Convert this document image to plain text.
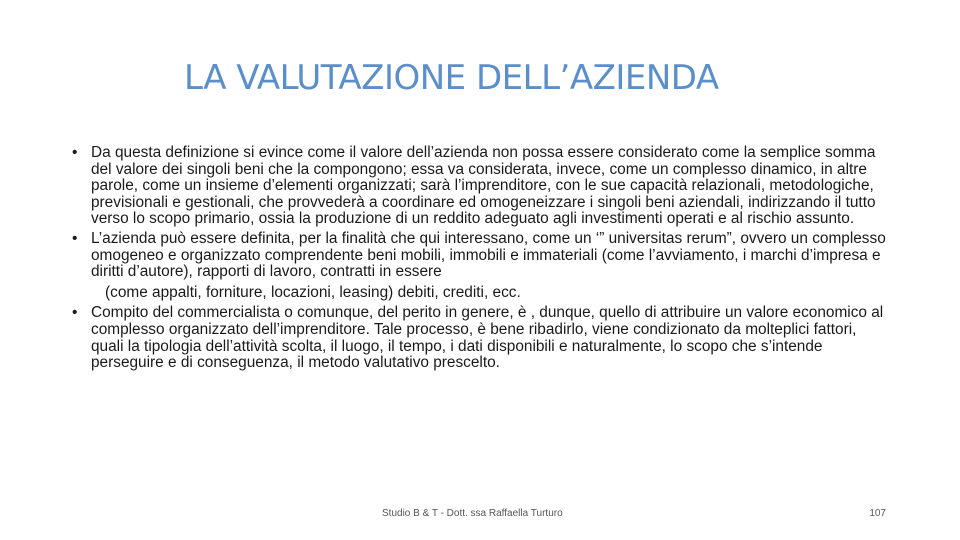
LA VALUTAZIONE DELL’AZIENDA

• Da questa definizione si evince come il valore dell’azienda non possa essere considerato come la semplice somma del valore dei singoli beni che la compongono; essa va considerata, invece, come un complesso dinamico, in altre parole, come un insieme d’elementi organizzati; sarà l’imprenditore, con le sue capacità relazionali, metodologiche, previsionali e gestionali, che provvederà a coordinare ed omogeneizzare i singoli beni aziendali, indirizzando il tutto verso lo scopo primario, ossia la produzione di un reddito adeguato agli investimenti operati e al rischio assunto.

• L’azienda può essere definita, per la finalità che qui interessano, come un ‘” universitas rerum”, ovvero un complesso omogeneo e organizzato comprendente beni mobili, immobili e immateriali (come l’avviamento, i marchi d’impresa e diritti d’autore), rapporti di lavoro, contratti in essere

(come appalti, forniture, locazioni, leasing) debiti, crediti, ecc.

• Compito del commercialista o comunque, del perito in genere, è , dunque, quello di attribuire un valore economico al complesso organizzato dell’imprenditore. Tale processo, è bene ribadirlo, viene condizionato da molteplici fattori, quali la tipologia dell’attività scolta, il luogo, il tempo, i dati disponibili e naturalmente, lo scopo che s’intende perseguire e di conseguenza, il metodo valutativo prescelto.

Studio B & T - Dott. ssa Raffaella Turturo	107
